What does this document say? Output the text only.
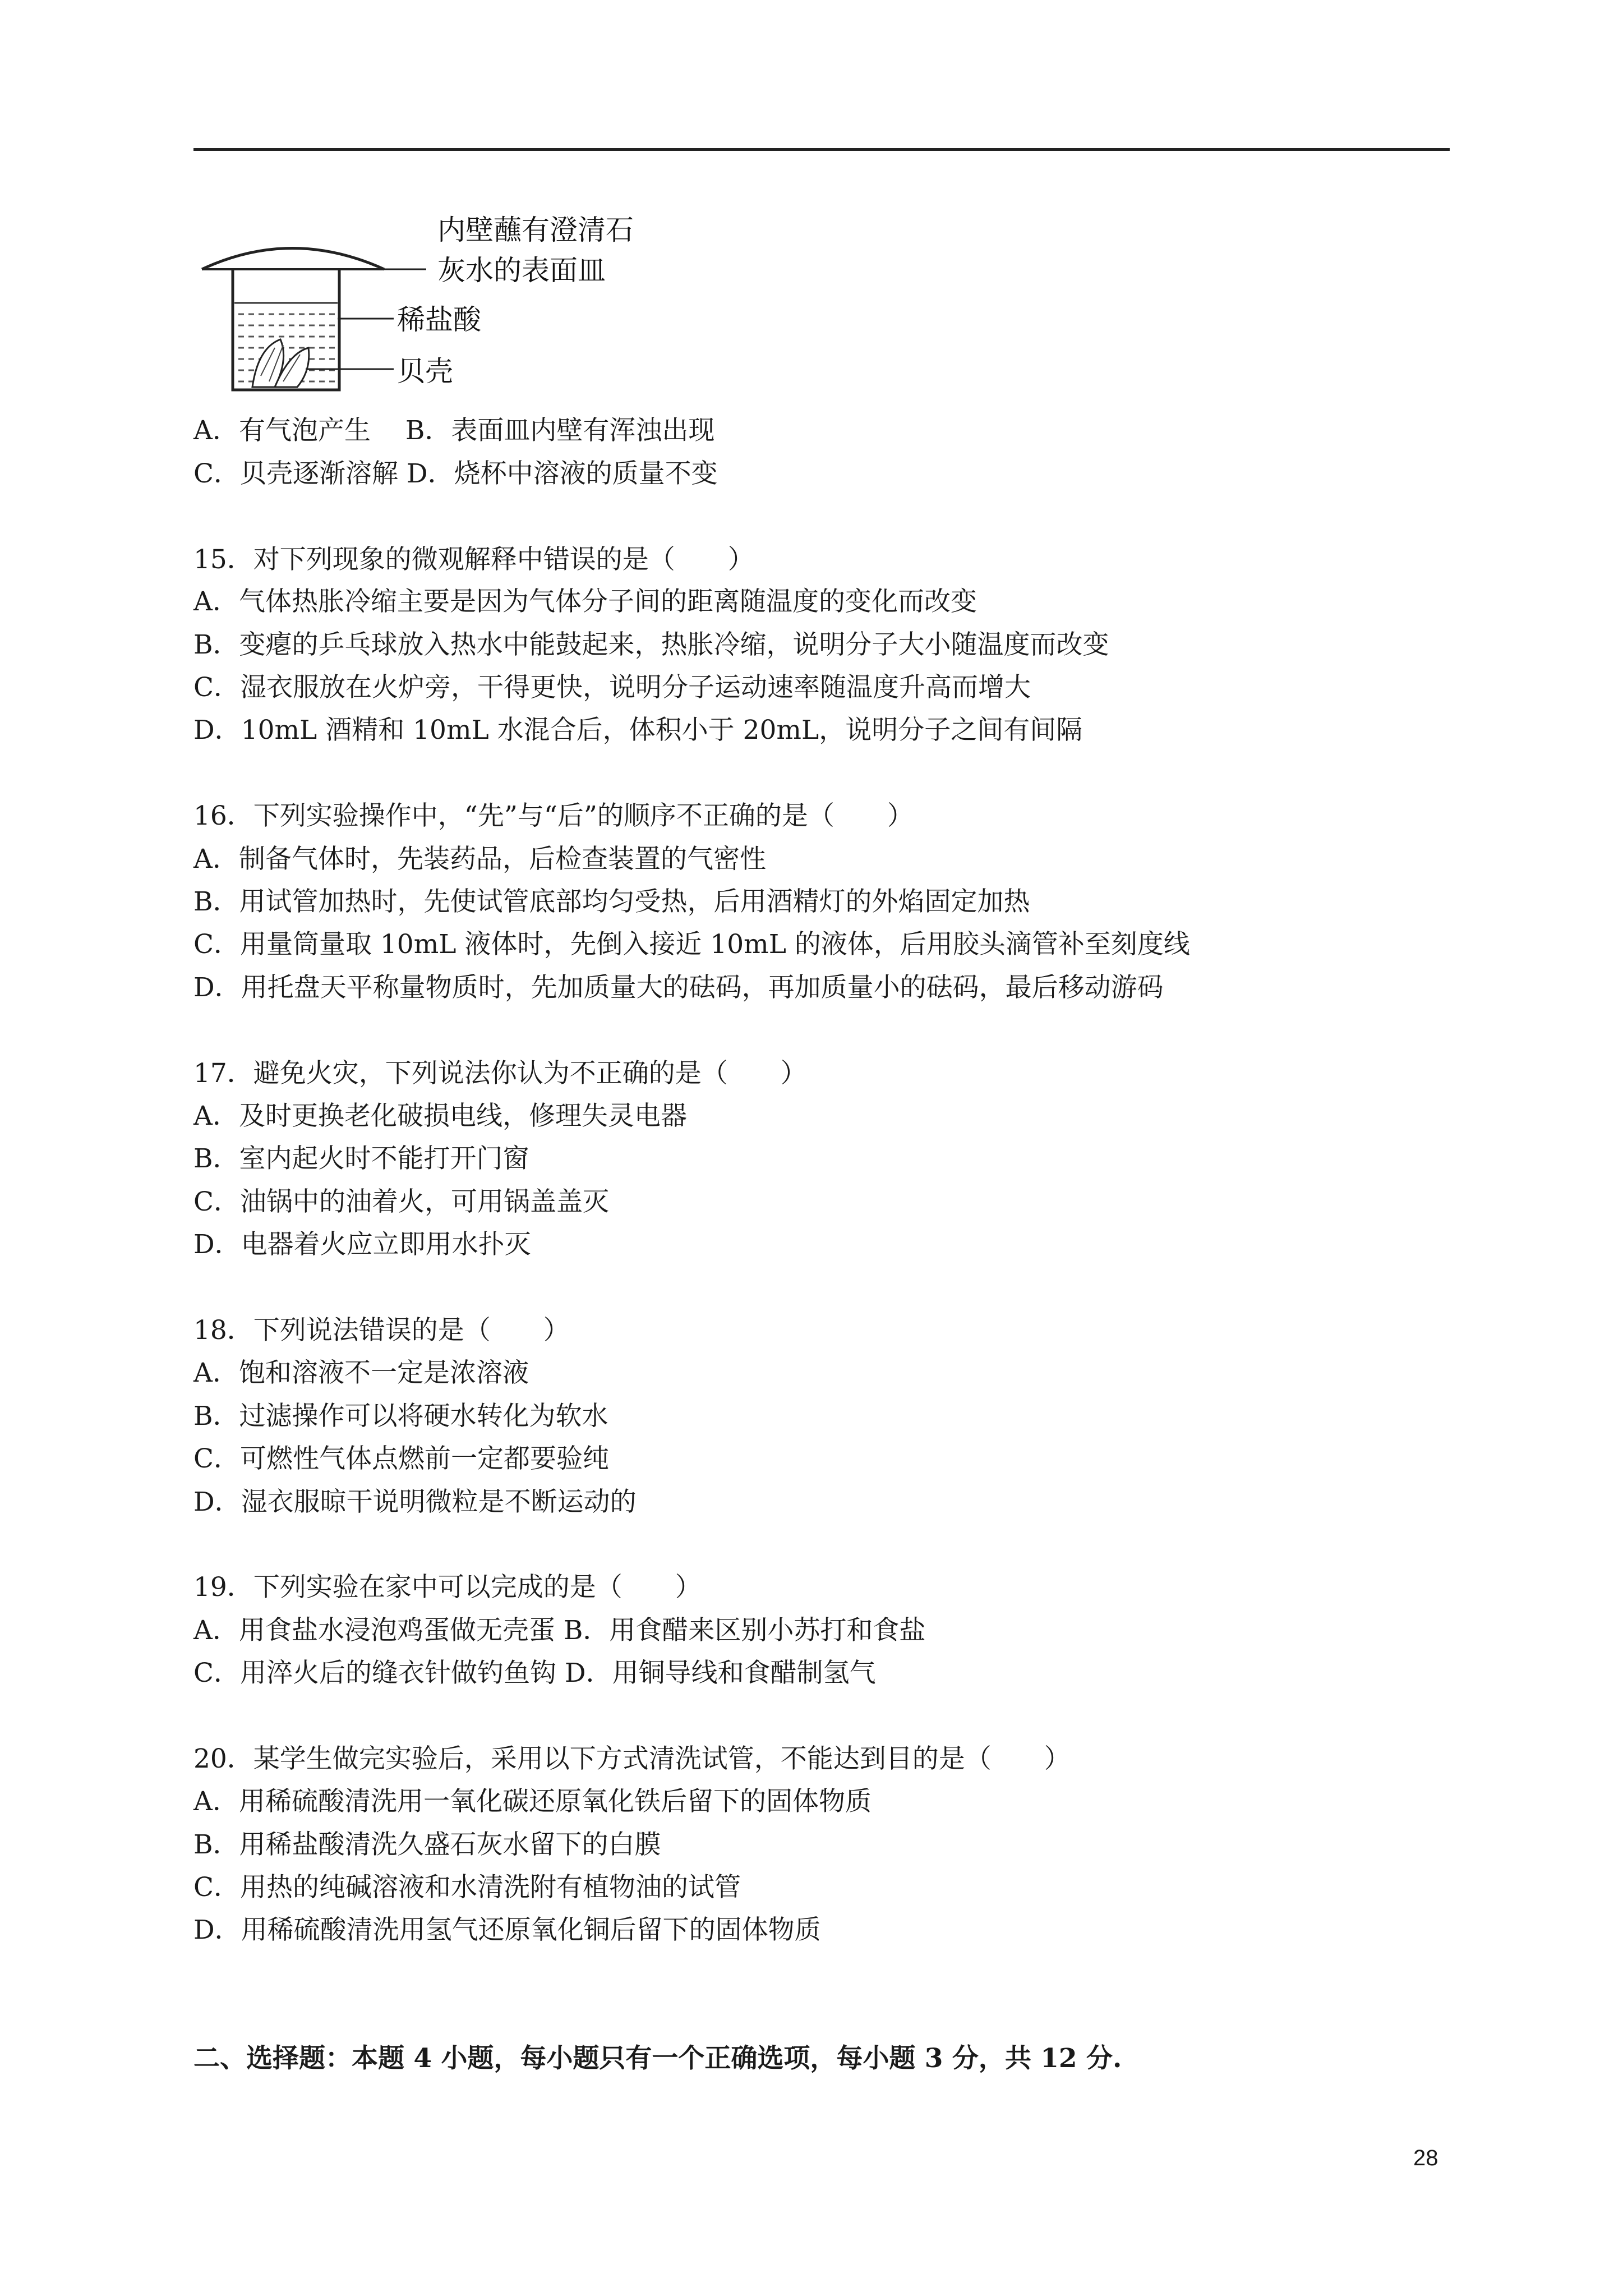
内壁蘸有澄清石
灰水的表面皿
稀盐酸
贝壳
A．有气泡产生　 B．表面皿内壁有浑浊出现
C．贝壳逐渐溶解 D．烧杯中溶液的质量不变
15．对下列现象的微观解释中错误的是（　　）
A．气体热胀冷缩主要是因为气体分子间的距离随温度的变化而改变
B．变瘪的乒乓球放入热水中能鼓起来，热胀冷缩，说明分子大小随温度而改变
C．湿衣服放在火炉旁，干得更快，说明分子运动速率随温度升高而增大
D．10mL 酒精和 10mL 水混合后，体积小于 20mL，说明分子之间有间隔
16．下列实验操作中，“先”与“后”的顺序不正确的是（　　）
A．制备气体时，先装药品，后检查装置的气密性
B．用试管加热时，先使试管底部均匀受热，后用酒精灯的外焰固定加热
C．用量筒量取 10mL 液体时，先倒入接近 10mL 的液体，后用胶头滴管补至刻度线
D．用托盘天平称量物质时，先加质量大的砝码，再加质量小的砝码，最后移动游码
17．避免火灾，下列说法你认为不正确的是（　　）
A．及时更换老化破损电线，修理失灵电器
B．室内起火时不能打开门窗
C．油锅中的油着火，可用锅盖盖灭
D．电器着火应立即用水扑灭
18．下列说法错误的是（　　）
A．饱和溶液不一定是浓溶液
B．过滤操作可以将硬水转化为软水
C．可燃性气体点燃前一定都要验纯
D．湿衣服晾干说明微粒是不断运动的
19．下列实验在家中可以完成的是（　　）
A．用食盐水浸泡鸡蛋做无壳蛋 B．用食醋来区别小苏打和食盐
C．用淬火后的缝衣针做钓鱼钩 D．用铜导线和食醋制氢气
20．某学生做完实验后，采用以下方式清洗试管，不能达到目的是（　　）
A．用稀硫酸清洗用一氧化碳还原氧化铁后留下的固体物质
B．用稀盐酸清洗久盛石灰水留下的白膜
C．用热的纯碱溶液和水清洗附有植物油的试管
D．用稀硫酸清洗用氢气还原氧化铜后留下的固体物质
二、选择题：本题 4 小题，每小题只有一个正确选项，每小题 3 分，共 12 分.
28
